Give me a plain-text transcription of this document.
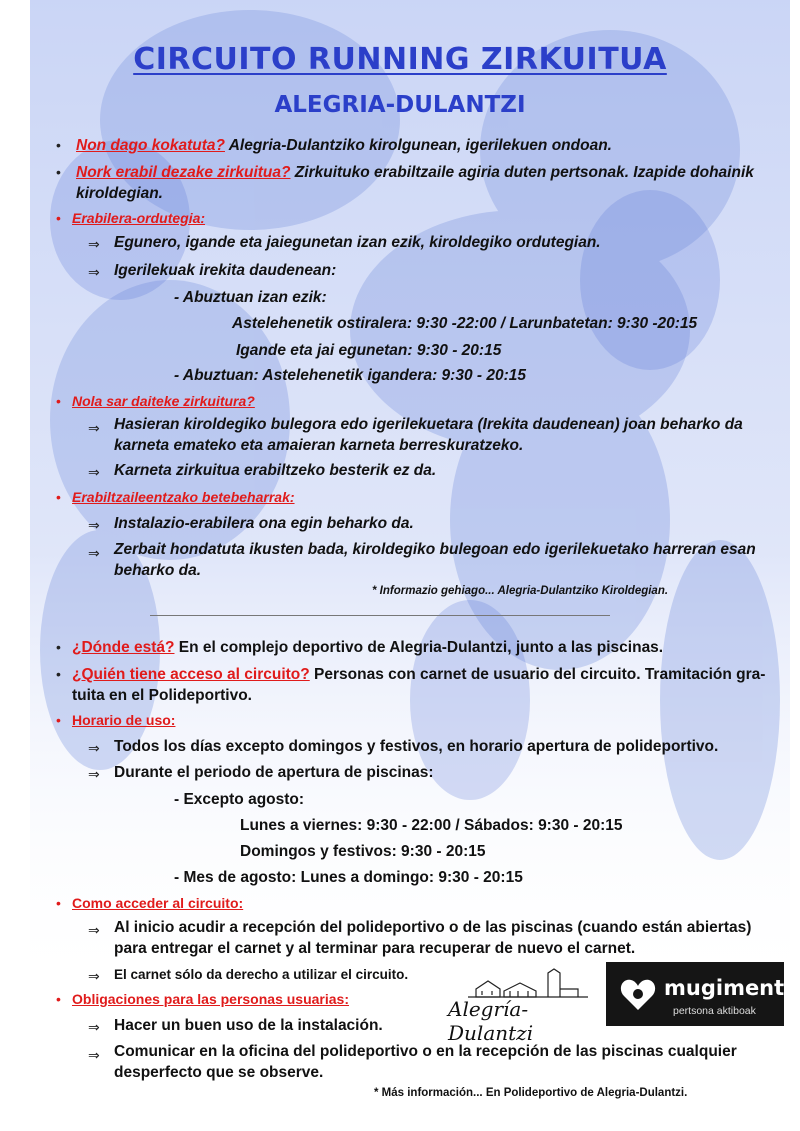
CIRCUITO RUNNING ZIRKUITUA
ALEGRIA-DULANTZI
• Non dago kokatuta? Alegria-Dulantziko kirolgunean, igerilekuen ondoan.
• Nork erabil dezake zirkuitua? Zirkuituko erabiltzaile agiria duten pertsonak. Izapide dohainik
kiroldegian.
• Erabilera-ordutegia:
⇒ Egunero, igande eta jaiegunetan izan ezik, kiroldegiko ordutegian.
⇒ Igerilekuak irekita daudenean:
- Abuztuan izan ezik:
Astelehenetik ostiralera: 9:30 -22:00 / Larunbatetan: 9:30 -20:15
Igande eta jai egunetan: 9:30 - 20:15
- Abuztuan: Astelehenetik igandera: 9:30 - 20:15
• Nola sar daiteke zirkuitura?
⇒ Hasieran kiroldegiko bulegora edo igerilekuetara (Irekita daudenean) joan beharko da
karneta emateko eta amaieran karneta berreskuratzeko.
⇒ Karneta zirkuitua erabiltzeko besterik ez da.
• Erabiltzaileentzako betebeharrak:
⇒ Instalazio-erabilera ona egin beharko da.
⇒ Zerbait hondatuta ikusten bada, kiroldegiko bulegoan edo igerilekuetako harreran esan
beharko da.
* Informazio gehiago... Alegria-Dulantziko Kiroldegian.
• ¿Dónde está? En el complejo deportivo de Alegria-Dulantzi, junto a las piscinas.
• ¿Quién tiene acceso al circuito? Personas con carnet de usuario del circuito. Tramitación gra-
tuita en el Polideportivo.
• Horario de uso:
⇒ Todos los días excepto domingos y festivos, en horario apertura de polideportivo.
⇒ Durante el periodo de apertura de piscinas:
- Excepto agosto:
Lunes a viernes: 9:30 - 22:00 / Sábados: 9:30 - 20:15
Domingos y festivos: 9:30 - 20:15
- Mes de agosto: Lunes a domingo: 9:30 - 20:15
• Como acceder al circuito:
⇒ Al inicio acudir a recepción del polideportivo o de las piscinas (cuando están abiertas)
para entregar el carnet y al terminar para recuperar de nuevo el carnet.
⇒ El carnet sólo da derecho a utilizar el circuito.
• Obligaciones para las personas usuarias:
⇒ Hacer un buen uso de la instalación.
⇒ Comunicar en la oficina del polideportivo o en la recepción de las piscinas cualquier
desperfecto que se observe.
* Más información... En Polideportivo de Alegria-Dulantzi.
Alegría-Dulantzi
mugiment
pertsona aktiboak
